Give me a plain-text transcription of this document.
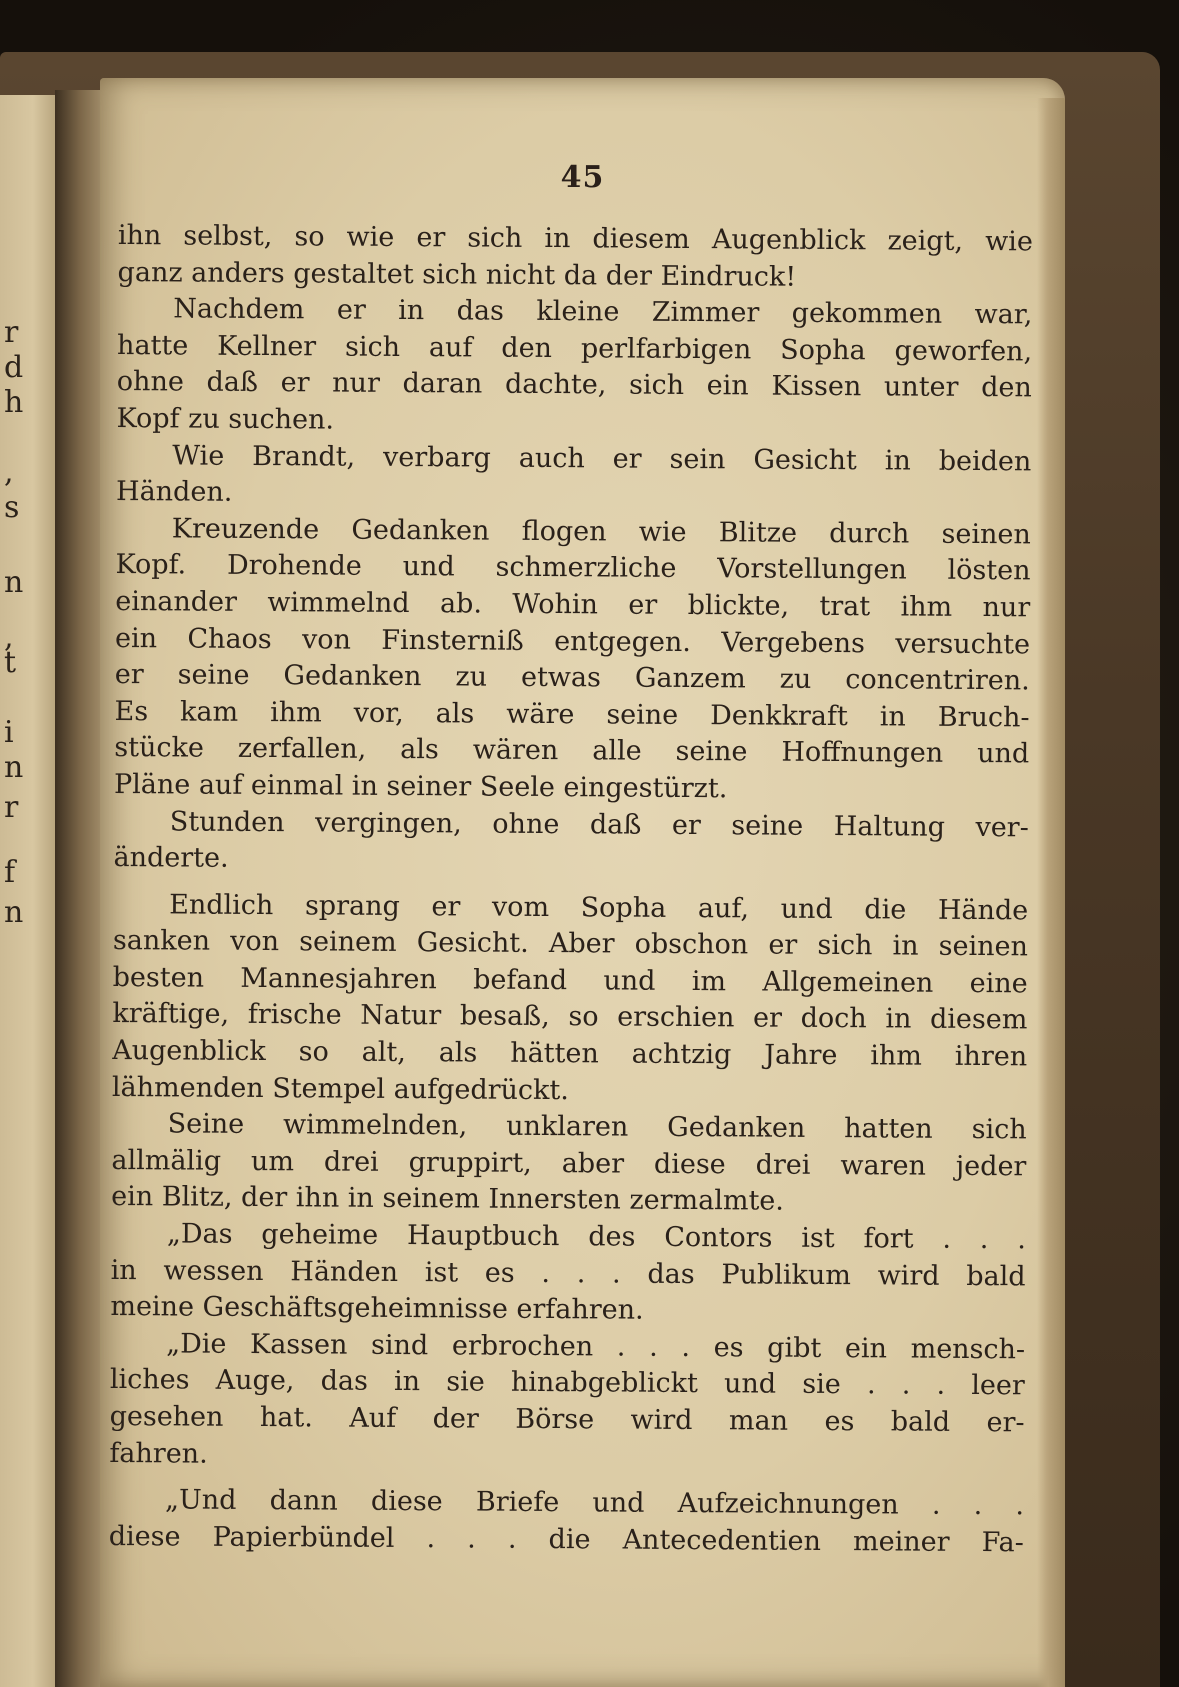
r
d
h
,
s
n
,
t
i
n
r
f
n
45
ihn selbst, so wie er sich in diesem Augenblick zeigt, wie
ganz anders gestaltet sich nicht da der Eindruck!
Nachdem er in das kleine Zimmer gekommen war,
hatte Kellner sich auf den perlfarbigen Sopha geworfen,
ohne daß er nur daran dachte, sich ein Kissen unter den
Kopf zu suchen.
Wie Brandt, verbarg auch er sein Gesicht in beiden
Händen.
Kreuzende Gedanken flogen wie Blitze durch seinen
Kopf. Drohende und schmerzliche Vorstellungen lösten
einander wimmelnd ab. Wohin er blickte, trat ihm nur
ein Chaos von Finsterniß entgegen. Vergebens versuchte
er seine Gedanken zu etwas Ganzem zu concentriren.
Es kam ihm vor, als wäre seine Denkkraft in Bruch-
stücke zerfallen, als wären alle seine Hoffnungen und
Pläne auf einmal in seiner Seele eingestürzt.
Stunden vergingen, ohne daß er seine Haltung ver-
änderte.
Endlich sprang er vom Sopha auf, und die Hände
sanken von seinem Gesicht. Aber obschon er sich in seinen
besten Mannesjahren befand und im Allgemeinen eine
kräftige, frische Natur besaß, so erschien er doch in diesem
Augenblick so alt, als hätten achtzig Jahre ihm ihren
lähmenden Stempel aufgedrückt.
Seine wimmelnden, unklaren Gedanken hatten sich
allmälig um drei gruppirt, aber diese drei waren jeder
ein Blitz, der ihn in seinem Innersten zermalmte.
„Das geheime Hauptbuch des Contors ist fort . . .
in wessen Händen ist es . . . das Publikum wird bald
meine Geschäftsgeheimnisse erfahren.
„Die Kassen sind erbrochen . . . es gibt ein mensch-
liches Auge, das in sie hinabgeblickt und sie . . . leer
gesehen hat. Auf der Börse wird man es bald er-
fahren.
„Und dann diese Briefe und Aufzeichnungen . . .
diese Papierbündel . . . die Antecedentien meiner Fa-
